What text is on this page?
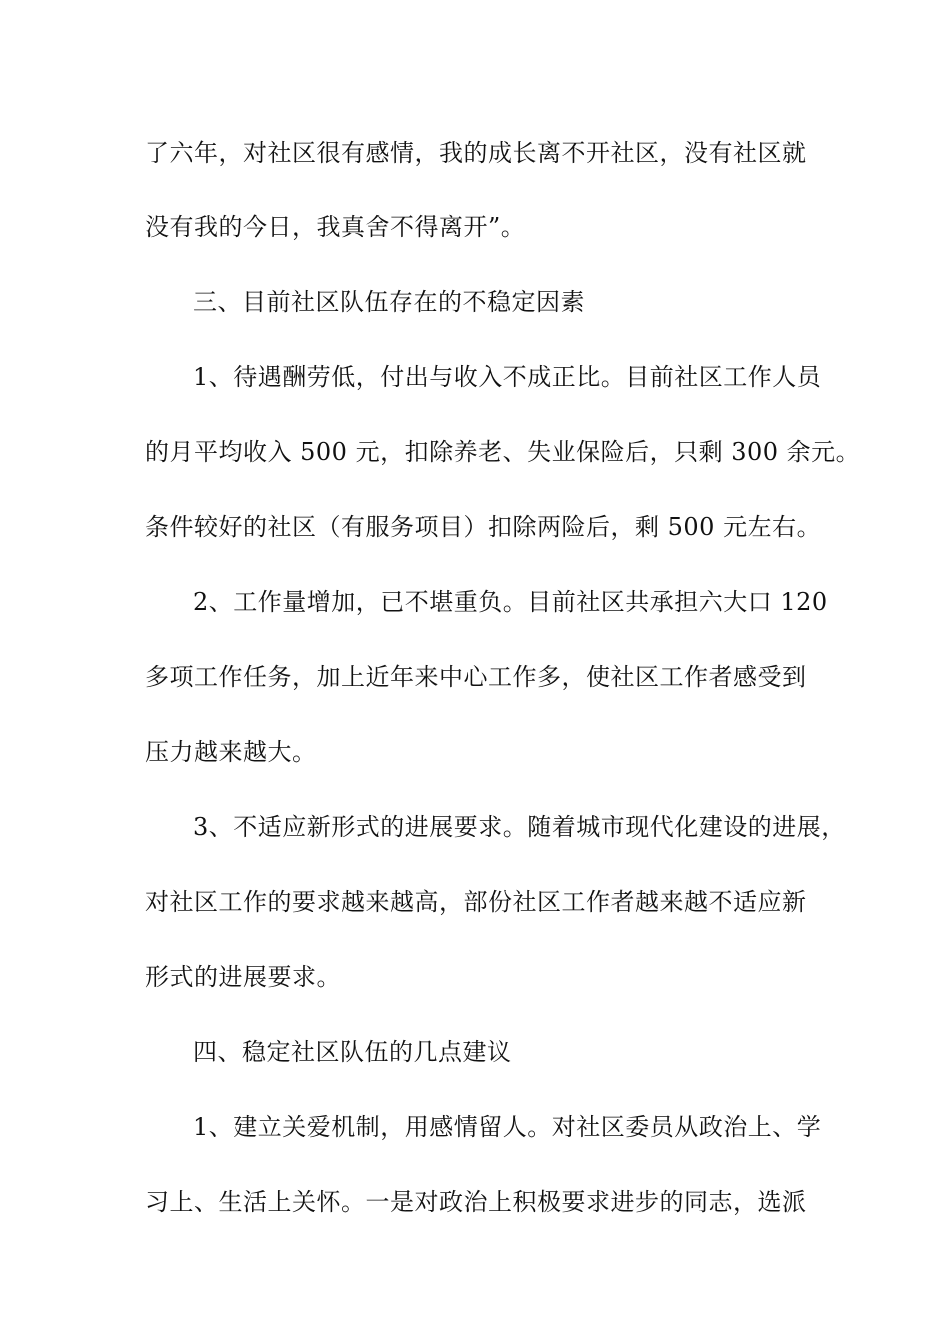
了六年，对社区很有感情，我的成长离不开社区，没有社区就
没有我的今日，我真舍不得离开”。
三、目前社区队伍存在的不稳定因素
1、待遇酬劳低，付出与收入不成正比。目前社区工作人员
的月平均收入 500 元，扣除养老、失业保险后，只剩 300 余元。
条件较好的社区（有服务项目）扣除两险后，剩 500 元左右。
2、工作量增加，已不堪重负。目前社区共承担六大口 120
多项工作任务，加上近年来中心工作多，使社区工作者感受到
压力越来越大。
3、不适应新形式的进展要求。随着城市现代化建设的进展，
对社区工作的要求越来越高，部份社区工作者越来越不适应新
形式的进展要求。
四、稳定社区队伍的几点建议
1、建立关爱机制，用感情留人。对社区委员从政治上、学
习上、生活上关怀。一是对政治上积极要求进步的同志，选派
